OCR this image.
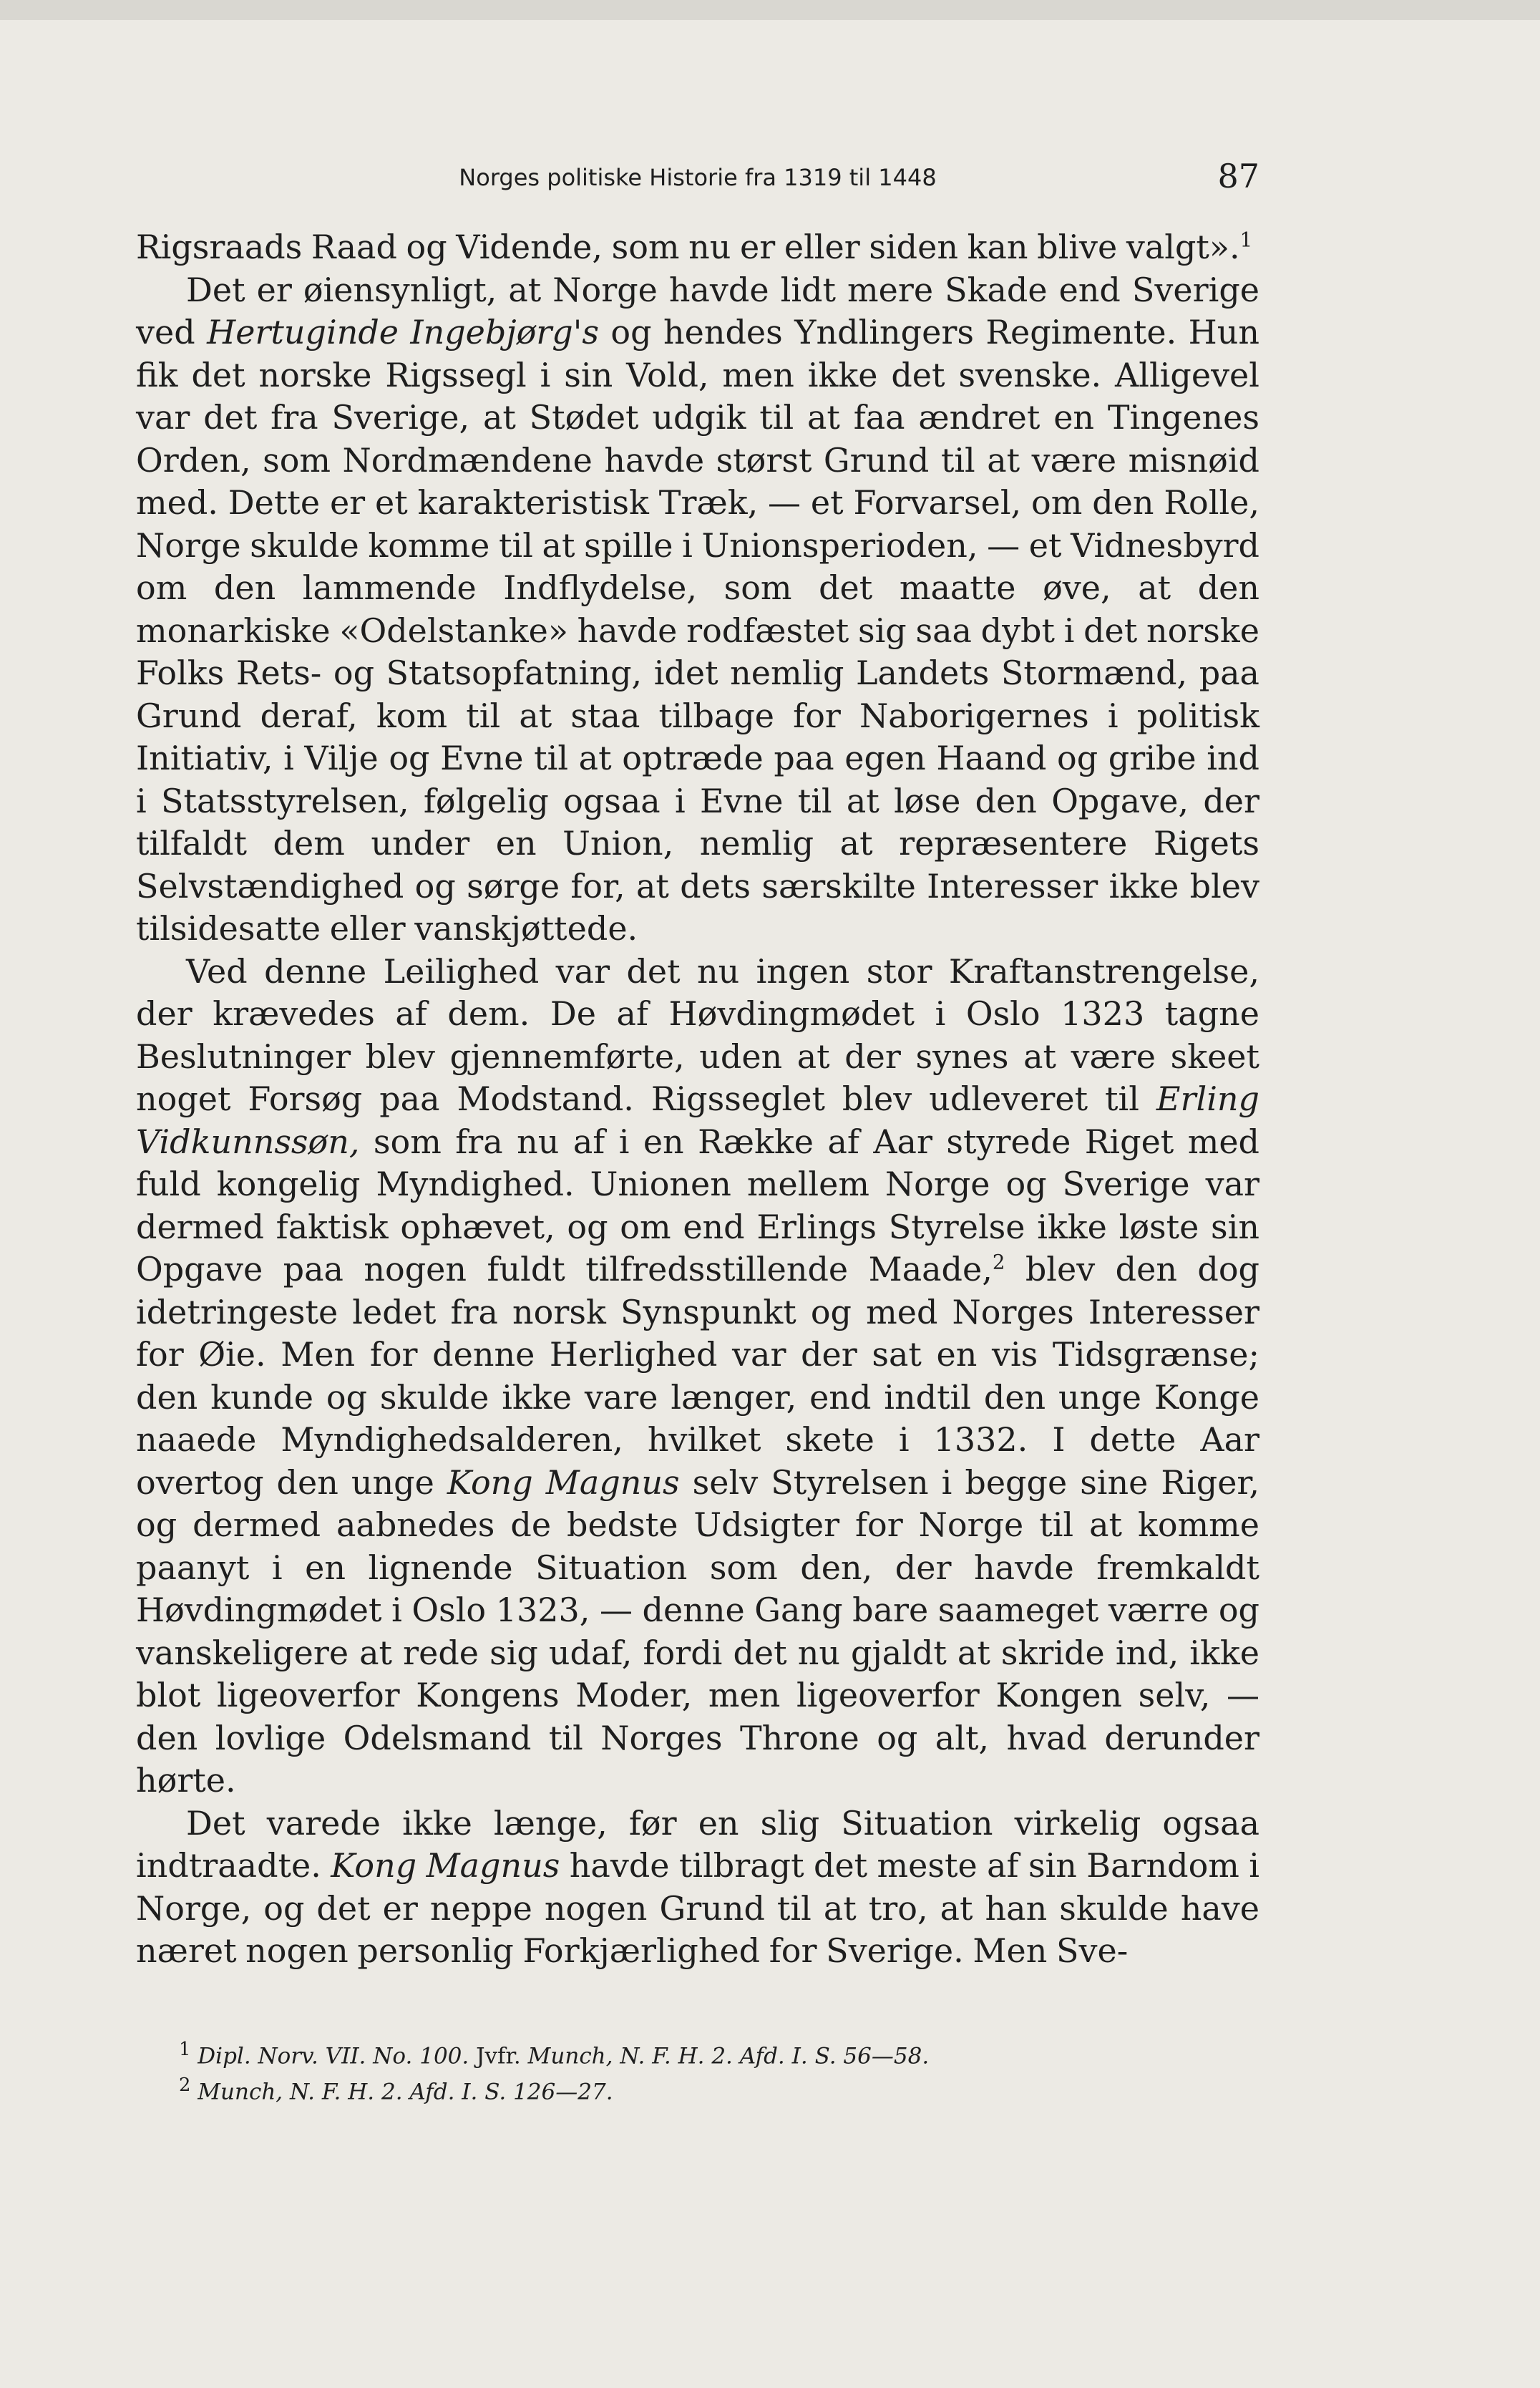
Norges politiske Historie fra 1319 til 1448	87

Rigsraads Raad og Vidende, som nu er eller siden kan blive valgt».$^1$

Det er øiensynligt, at Norge havde lidt mere Skade end Sverige ved Hertuginde Ingebjørg's og hendes Yndlingers Regimente. Hun fik det norske Rigssegl i sin Vold, men ikke det svenske. Alligevel var det fra Sverige, at Stødet udgik til at faa ændret en Tingenes Orden, som Nordmændene havde størst Grund til at være misnøid med. Dette er et karakteristisk Træk, — et Forvarsel, om den Rolle, Norge skulde komme til at spille i Unionsperioden, — et Vidnesbyrd om den lammende Indflydelse, som det maatte øve, at den monarkiske «Odelstanke» havde rodfæstet sig saa dybt i det norske Folks Rets- og Statsopfatning, idet nemlig Landets Stormænd, paa Grund deraf, kom til at staa tilbage for Naborigernes i politisk Initiativ, i Vilje og Evne til at optræde paa egen Haand og gribe ind i Statsstyrelsen, følgelig ogsaa i Evne til at løse den Opgave, der tilfaldt dem under en Union, nemlig at repræsentere Rigets Selvstændighed og sørge for, at dets særskilte Interesser ikke blev tilsidesatte eller vanskjøttede.

Ved denne Leilighed var det nu ingen stor Kraftanstrengelse, der krævedes af dem. De af Høvdingmødet i Oslo 1323 tagne Beslutninger blev gjennemførte, uden at der synes at være skeet noget Forsøg paa Modstand. Rigsseglet blev udleveret til Erling Vidkunnssøn, som fra nu af i en Række af Aar styrede Riget med fuld kongelig Myndighed. Unionen mellem Norge og Sverige var dermed faktisk ophævet, og om end Erlings Styrelse ikke løste sin Opgave paa nogen fuldt tilfredsstillende Maade,$^2$ blev den dog idetringeste ledet fra norsk Synspunkt og med Norges Interesser for Øie. Men for denne Herlighed var der sat en vis Tidsgrænse; den kunde og skulde ikke vare længer, end indtil den unge Konge naaede Myndighedsalderen, hvilket skete i 1332. I dette Aar overtog den unge Kong Magnus selv Styrelsen i begge sine Riger, og dermed aabnedes de bedste Udsigter for Norge til at komme paanyt i en lignende Situation som den, der havde fremkaldt Høvdingmødet i Oslo 1323, — denne Gang bare saameget værre og vanskeligere at rede sig udaf, fordi det nu gjaldt at skride ind, ikke blot ligeoverfor Kongens Moder, men ligeoverfor Kongen selv, — den lovlige Odelsmand til Norges Throne og alt, hvad derunder hørte.

Det varede ikke længe, før en slig Situation virkelig ogsaa indtraadte. Kong Magnus havde tilbragt det meste af sin Barndom i Norge, og det er neppe nogen Grund til at tro, at han skulde have næret nogen personlig Forkjærlighed for Sverige. Men Sve-

$^1$ Dipl. Norv. VII. No. 100. Jvfr. Munch, N. F. H. 2. Afd. I. S. 56—58.
$^2$ Munch, N. F. H. 2. Afd. I. S. 126—27.
